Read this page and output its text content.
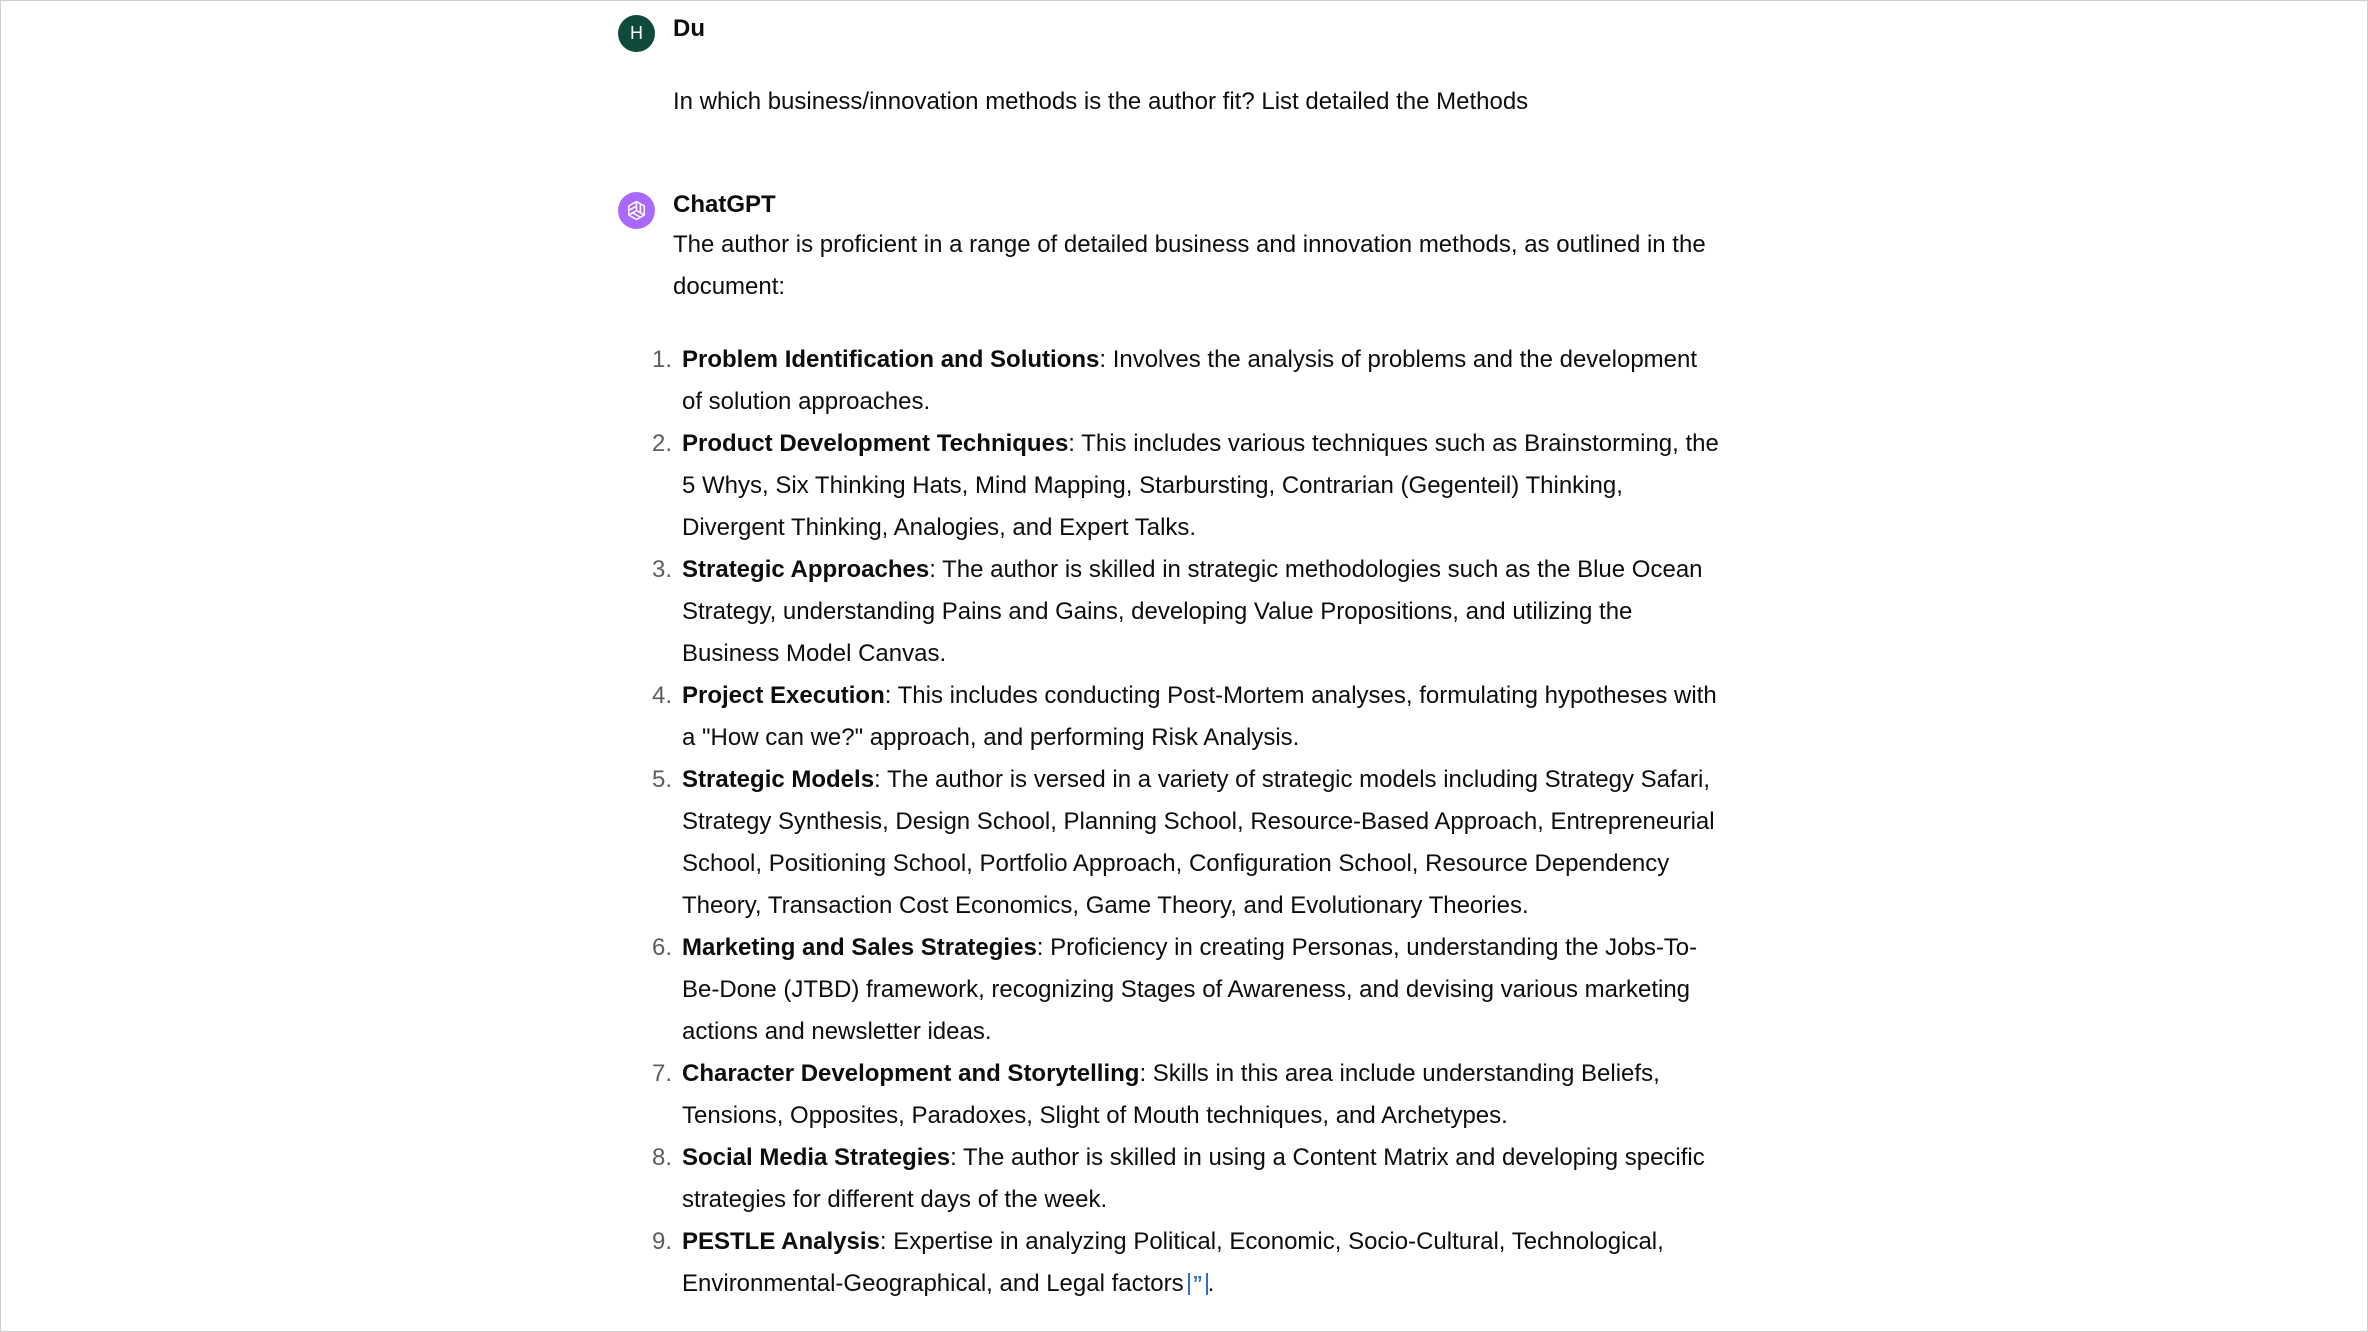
H Du
In which business/innovation methods is the author fit? List detailed the Methods
ChatGPT
The author is proficient in a range of detailed business and innovation methods, as outlined in the document:
1. Problem Identification and Solutions: Involves the analysis of problems and the development of solution approaches.
2. Product Development Techniques: This includes various techniques such as Brainstorming, the 5 Whys, Six Thinking Hats, Mind Mapping, Starbursting, Contrarian (Gegenteil) Thinking, Divergent Thinking, Analogies, and Expert Talks.
3. Strategic Approaches: The author is skilled in strategic methodologies such as the Blue Ocean Strategy, understanding Pains and Gains, developing Value Propositions, and utilizing the Business Model Canvas.
4. Project Execution: This includes conducting Post-Mortem analyses, formulating hypotheses with a "How can we?" approach, and performing Risk Analysis.
5. Strategic Models: The author is versed in a variety of strategic models including Strategy Safari, Strategy Synthesis, Design School, Planning School, Resource-Based Approach, Entrepreneurial School, Positioning School, Portfolio Approach, Configuration School, Resource Dependency Theory, Transaction Cost Economics, Game Theory, and Evolutionary Theories.
6. Marketing and Sales Strategies: Proficiency in creating Personas, understanding the Jobs-To-Be-Done (JTBD) framework, recognizing Stages of Awareness, and devising various marketing actions and newsletter ideas.
7. Character Development and Storytelling: Skills in this area include understanding Beliefs, Tensions, Opposites, Paradoxes, Slight of Mouth techniques, and Archetypes.
8. Social Media Strategies: The author is skilled in using a Content Matrix and developing specific strategies for different days of the week.
9. PESTLE Analysis: Expertise in analyzing Political, Economic, Socio-Cultural, Technological, Environmental-Geographical, and Legal factors ” .
